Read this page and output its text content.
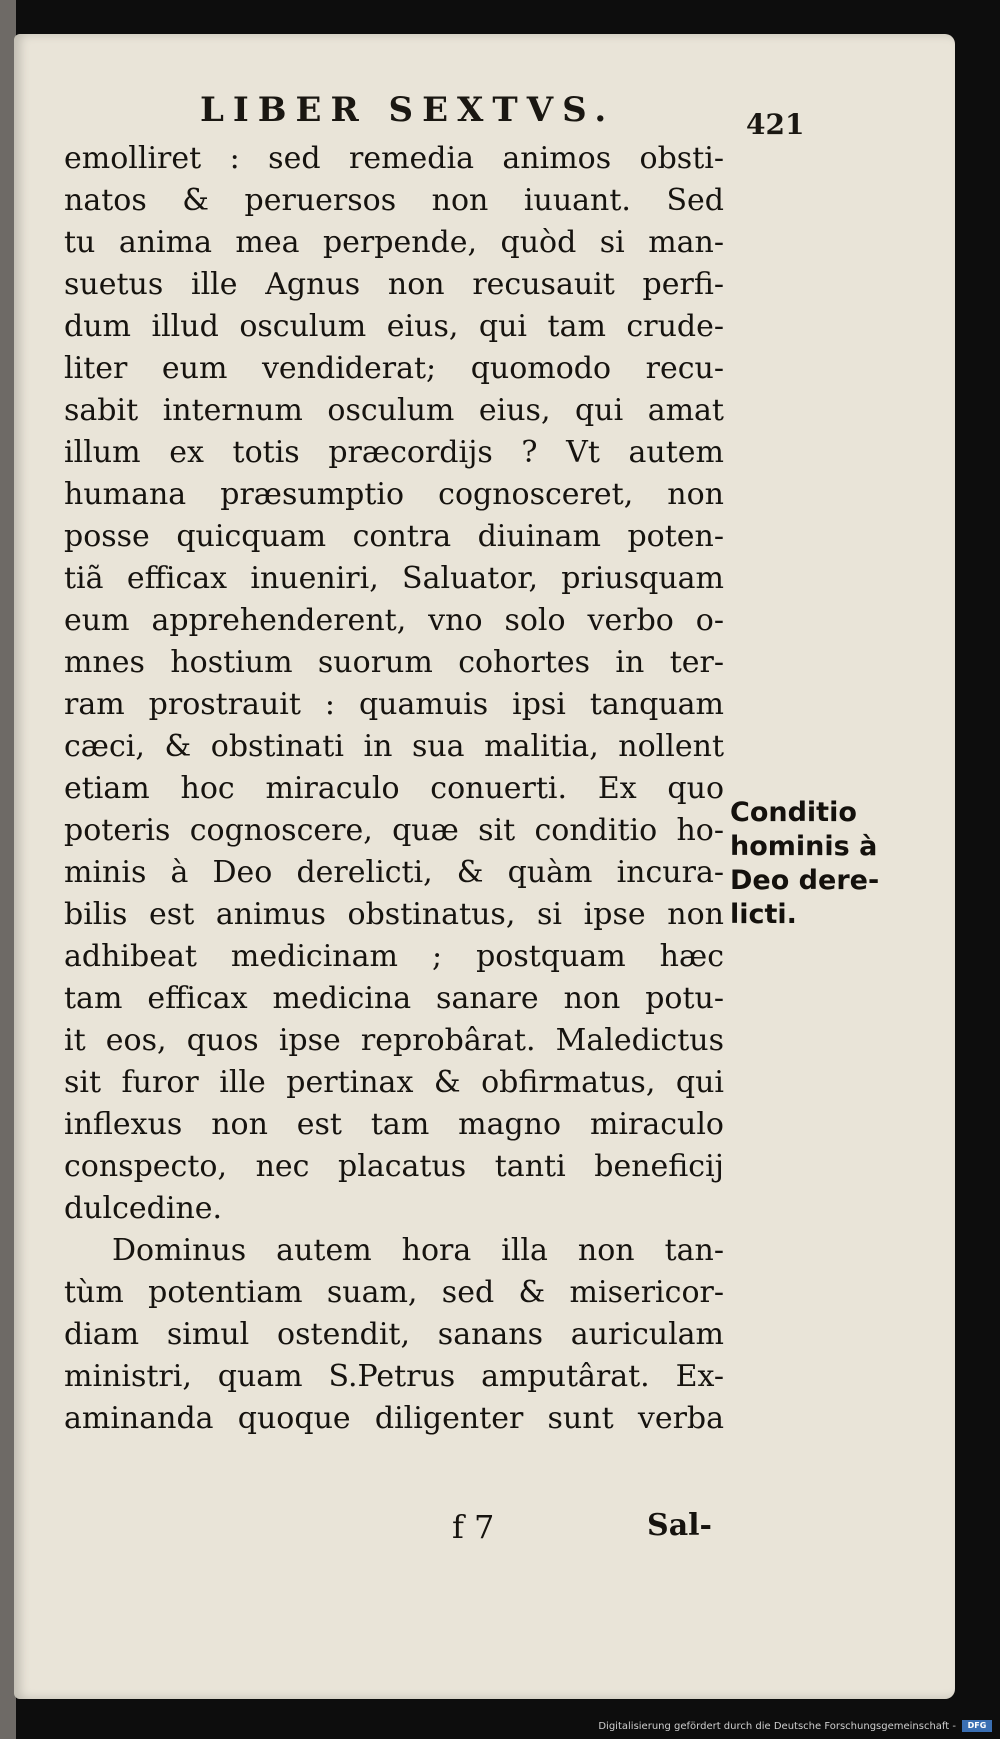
LIBER SEXTVS.	421
emolliret : sed remedia animos obsti-
natos & peruersos non iuuant. Sed
tu anima mea perpende, quòd si man-
suetus ille Agnus non recusauit perfi-
dum illud osculum eius, qui tam crude-
liter eum vendiderat; quomodo recu-
sabit internum osculum eius, qui amat
illum ex totis præcordijs ? Vt autem
humana præsumptio cognosceret, non
posse quicquam contra diuinam poten-
tiã efficax inueniri, Saluator, priusquam
eum apprehenderent, vno solo verbo o-
mnes hostium suorum cohortes in ter-
ram prostrauit : quamuis ipsi tanquam
cæci, & obstinati in sua malitia, nollent
etiam hoc miraculo conuerti. Ex quo
poteris cognoscere, quæ sit conditio ho-
minis à Deo derelicti, & quàm incura-
bilis est animus obstinatus, si ipse non
adhibeat medicinam ; postquam hæc
tam efficax medicina sanare non potu-
it eos, quos ipse reprobârat. Maledictus
sit furor ille pertinax & obfirmatus, qui
inflexus non est tam magno miraculo
conspecto, nec placatus tanti beneficij
dulcedine.
Dominus autem hora illa non tan-
tùm potentiam suam, sed & misericor-
diam simul ostendit, sanans auriculam
ministri, quam S.Petrus amputârat. Ex-
aminanda quoque diligenter sunt verba
Conditio
hominis à
Deo dere-
licti.
f 7	Sal-
Digitalisierung gefördert durch die Deutsche Forschungsgemeinschaft -	DFG
